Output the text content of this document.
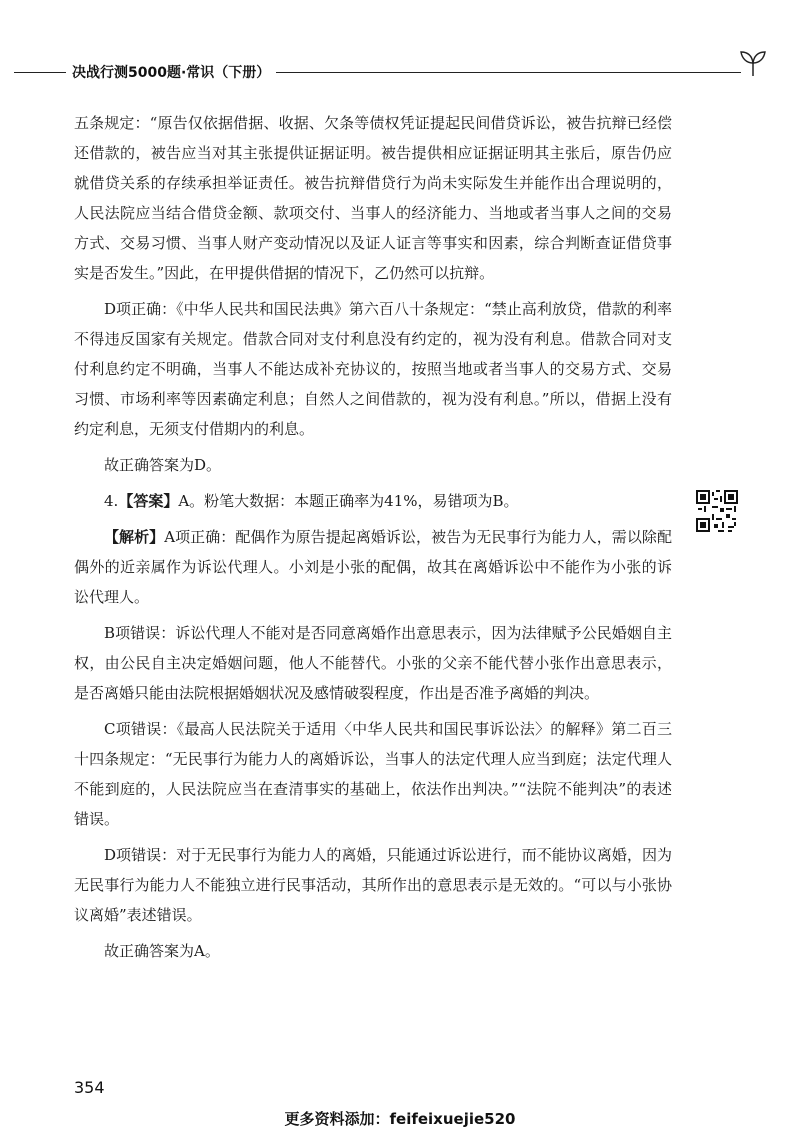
决战行测5000题·常识（下册）

五条规定：“原告仅依据借据、收据、欠条等债权凭证提起民间借贷诉讼，被告抗辩已经偿还借款的，被告应当对其主张提供证据证明。被告提供相应证据证明其主张后，原告仍应就借贷关系的存续承担举证责任。被告抗辩借贷行为尚未实际发生并能作出合理说明的，人民法院应当结合借贷金额、款项交付、当事人的经济能力、当地或者当事人之间的交易方式、交易习惯、当事人财产变动情况以及证人证言等事实和因素，综合判断查证借贷事实是否发生。”因此，在甲提供借据的情况下，乙仍然可以抗辩。

D项正确：《中华人民共和国民法典》第六百八十条规定：“禁止高利放贷，借款的利率不得违反国家有关规定。借款合同对支付利息没有约定的，视为没有利息。借款合同对支付利息约定不明确，当事人不能达成补充协议的，按照当地或者当事人的交易方式、交易习惯、市场利率等因素确定利息；自然人之间借款的，视为没有利息。”所以，借据上没有约定利息，无须支付借期内的利息。

故正确答案为D。

4.【答案】A。粉笔大数据：本题正确率为41%，易错项为B。

【解析】A项正确：配偶作为原告提起离婚诉讼，被告为无民事行为能力人，需以除配偶外的近亲属作为诉讼代理人。小刘是小张的配偶，故其在离婚诉讼中不能作为小张的诉讼代理人。

B项错误：诉讼代理人不能对是否同意离婚作出意思表示，因为法律赋予公民婚姻自主权，由公民自主决定婚姻问题，他人不能替代。小张的父亲不能代替小张作出意思表示，是否离婚只能由法院根据婚姻状况及感情破裂程度，作出是否准予离婚的判决。

C项错误：《最高人民法院关于适用〈中华人民共和国民事诉讼法〉的解释》第二百三十四条规定：“无民事行为能力人的离婚诉讼，当事人的法定代理人应当到庭；法定代理人不能到庭的，人民法院应当在查清事实的基础上，依法作出判决。”“法院不能判决”的表述错误。

D项错误：对于无民事行为能力人的离婚，只能通过诉讼进行，而不能协议离婚，因为无民事行为能力人不能独立进行民事活动，其所作出的意思表示是无效的。“可以与小张协议离婚”表述错误。

故正确答案为A。

354
更多资料添加：feifeixuejie520
